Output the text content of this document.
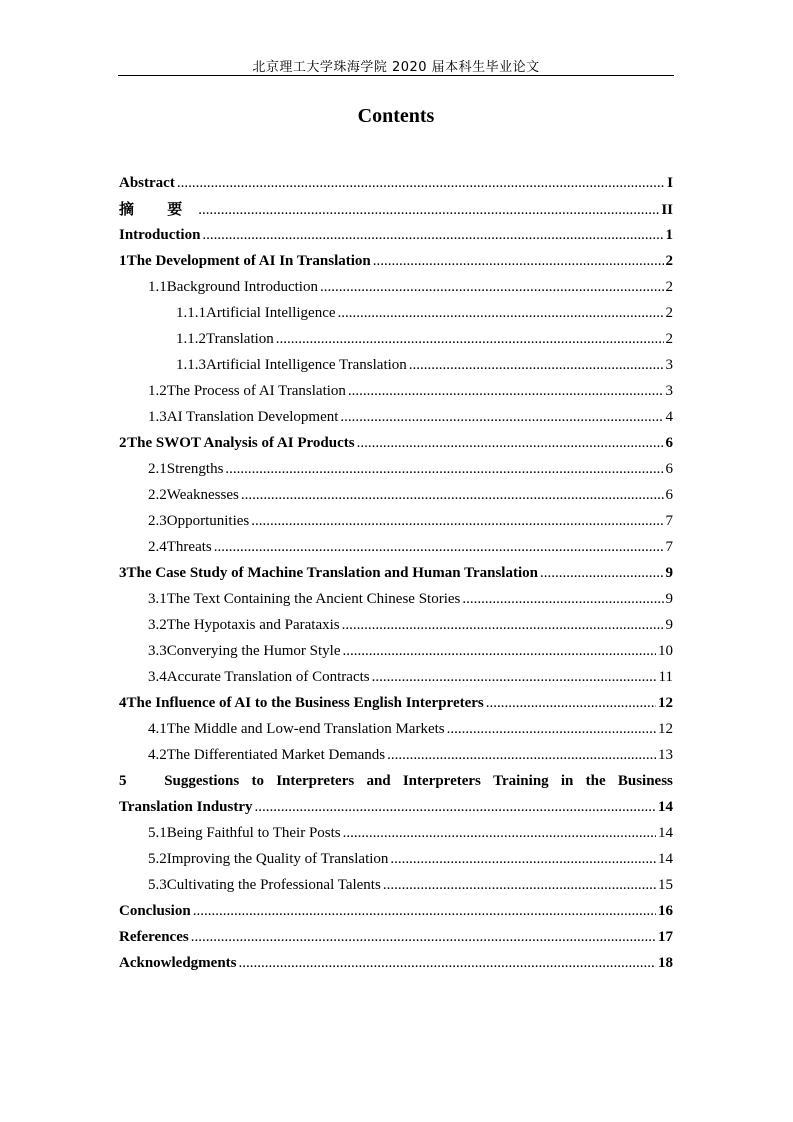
北京理工大学珠海学院 2020 届本科生毕业论文
Contents
Abstract .....	I
摘 要 .....	II
Introduction .....	1
1 The Development of AI In Translation .....	2
1.1 Background Introduction .....	2
1.1.1 Artificial Intelligence .....	2
1.1.2 Translation .....	2
1.1.3 Artificial Intelligence Translation .....	3
1.2 The Process of AI Translation .....	3
1.3 AI Translation Development .....	4
2 The SWOT Analysis of AI Products .....	6
2.1 Strengths .....	6
2.2 Weaknesses .....	6
2.3 Opportunities .....	7
2.4 Threats .....	7
3 The Case Study of Machine Translation and Human Translation .....	9
3.1 The Text Containing the Ancient Chinese Stories .....	9
3.2 The Hypotaxis and Parataxis .....	9
3.3 Converying the Humor Style .....	10
3.4 Accurate Translation of Contracts .....	11
4 The Influence of AI to the Business English Interpreters .....	12
4.1 The Middle and Low-end Translation Markets .....	12
4.2 The Differentiated Market Demands .....	13
5	Suggestions to Interpreters and Interpreters Training in the Business
Translation Industry .....	14
5.1 Being Faithful to Their Posts .....	14
5.2 Improving the Quality of Translation .....	14
5.3 Cultivating the Professional Talents .....	15
Conclusion .....	16
References .....	17
Acknowledgments .....	18
